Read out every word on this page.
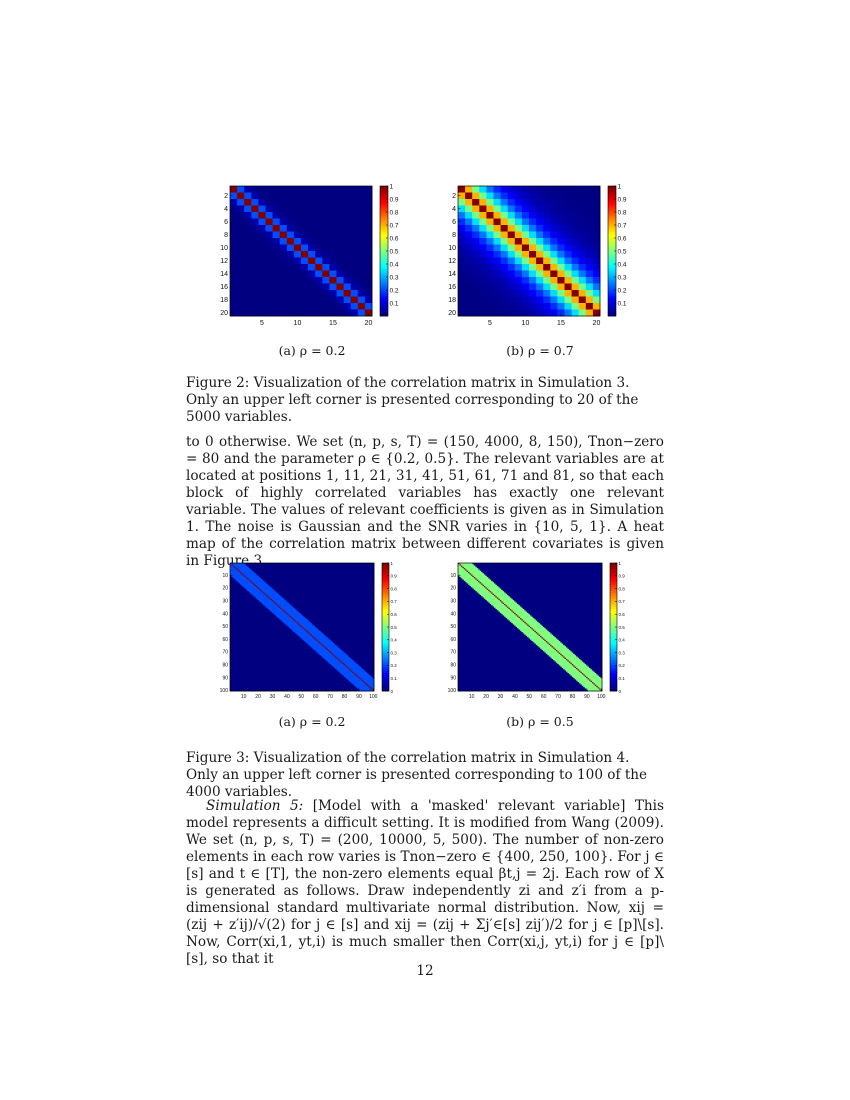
2
4
6
8
10
12
14
16
18
20
5	10	15	20
0.1
0.2
0.3
0.4
0.5
0.6
0.7
0.8
0.9
1
2
4
6
8
10
12
14
16
18
20
5	10	15	20
0.1
0.2
0.3
0.4
0.5
0.6
0.7
0.8
0.9
1
(a) ρ = 0.2	(b) ρ = 0.7
Figure 2: Visualization of the correlation matrix in Simulation 3. Only an upper left corner is presented corresponding to 20 of the 5000 variables.

to 0 otherwise. We set (n, p, s, T) = (150, 4000, 8, 150), Tnon−zero = 80 and the parameter ρ ∈ {0.2, 0.5}. The relevant variables are at located at positions 1, 11, 21, 31, 41, 51, 61, 71 and 81, so that each block of highly correlated variables has exactly one relevant variable. The values of relevant coefficients is given as in Simulation 1. The noise is Gaussian and the SNR varies in {10, 5, 1}. A heat map of the correlation matrix between different covariates is given in Figure 3.

10
20
30
40
50
60
70
80
90
100
10 20 30 40 50 60 70 80 90 100
0
0.1
0.2
0.3
0.4
0.5
0.6
0.7
0.8
0.9
1
10
20
30
40
50
60
70
80
90
100
10 20 30 40 50 60 70 80 90 100
0
0.1
0.2
0.3
0.4
0.5
0.6
0.7
0.8
0.9
1
(a) ρ = 0.2	(b) ρ = 0.5
Figure 3: Visualization of the correlation matrix in Simulation 4. Only an upper left corner is presented corresponding to 100 of the 4000 variables.

Simulation 5: [Model with a 'masked' relevant variable] This model represents a difficult setting. It is modified from Wang (2009). We set (n, p, s, T) = (200, 10000, 5, 500). The number of non-zero elements in each row varies is Tnon−zero ∈ {400, 250, 100}. For j ∈ [s] and t ∈ [T], the non-zero elements equal βt,j = 2j. Each row of X is generated as follows. Draw independently zi and z′i from a p-dimensional standard multivariate normal distribution. Now, xij = (zij + z′ij)/√(2) for j ∈ [s] and xij = (zij + Σj′∈[s] zij′)/2 for j ∈ [p]\[s]. Now, Corr(xi,1, yt,i) is much smaller then Corr(xi,j, yt,i) for j ∈ [p]\[s], so that it

12
